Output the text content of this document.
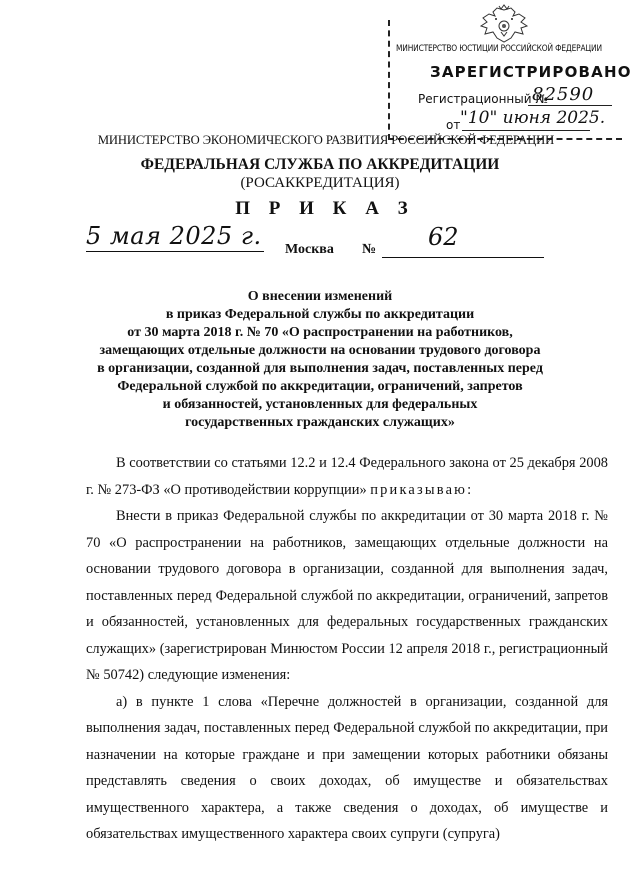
МИНИСТЕРСТВО ЮСТИЦИИ РОССИЙСКОЙ ФЕДЕРАЦИИ
ЗАРЕГИСТРИРОВАНО
Регистрационный №
82590
от "10" июня 2025.
МИНИСТЕРСТВО ЭКОНОМИЧЕСКОГО РАЗВИТИЯ РОССИЙСКОЙ ФЕДЕРАЦИИ
ФЕДЕРАЛЬНАЯ СЛУЖБА ПО АККРЕДИТАЦИИ
(РОСАККРЕДИТАЦИЯ)
П Р И К А З
5 мая 2025 г. Москва № 62
О внесении изменений
в приказ Федеральной службы по аккредитации
от 30 марта 2018 г. № 70 «О распространении на работников,
замещающих отдельные должности на основании трудового договора
в организации, созданной для выполнения задач, поставленных перед
Федеральной службой по аккредитации, ограничений, запретов
и обязанностей, установленных для федеральных
государственных гражданских служащих»

В соответствии со статьями 12.2 и 12.4 Федерального закона от 25 декабря 2008 г. № 273-ФЗ «О противодействии коррупции» приказываю:

Внести в приказ Федеральной службы по аккредитации от 30 марта 2018 г. № 70 «О распространении на работников, замещающих отдельные должности на основании трудового договора в организации, созданной для выполнения задач, поставленных перед Федеральной службой по аккредитации, ограничений, запретов и обязанностей, установленных для федеральных государственных гражданских служащих» (зарегистрирован Минюстом России 12 апреля 2018 г., регистрационный № 50742) следующие изменения:

а) в пункте 1 слова «Перечне должностей в организации, созданной для выполнения задач, поставленных перед Федеральной службой по аккредитации, при назначении на которые граждане и при замещении которых работники обязаны представлять сведения о своих доходах, об имуществе и обязательствах имущественного характера, а также сведения о доходах, об имуществе и обязательствах имущественного характера своих супруги (супруга)
